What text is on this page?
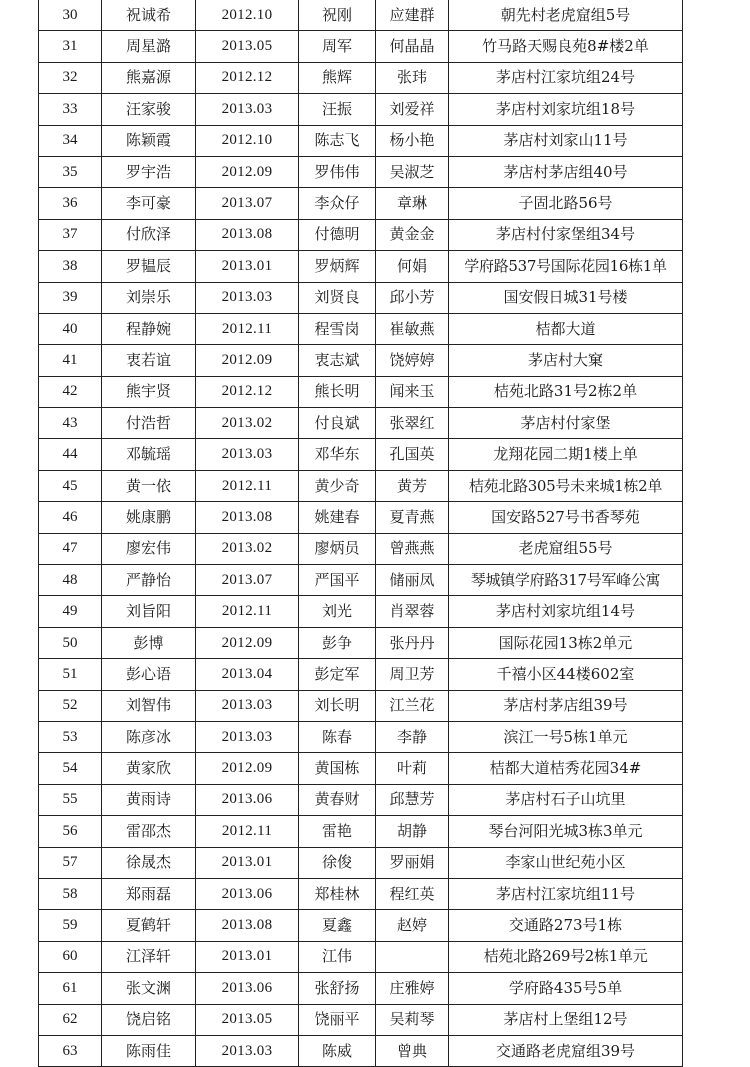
30	祝诚希	2012.10	祝刚	应建群	朝先村老虎窟组5号
31	周星潞	2013.05	周军	何晶晶	竹马路天赐良苑8#楼2单
32	熊嘉源	2012.12	熊辉	张玮	茅店村江家坑组24号
33	汪家骏	2013.03	汪振	刘爱祥	茅店村刘家坑组18号
34	陈颖霞	2012.10	陈志飞	杨小艳	茅店村刘家山11号
35	罗宇浩	2012.09	罗伟伟	吴淑芝	茅店村茅店组40号
36	李可豪	2013.07	李众仔	章琳	子固北路56号
37	付欣泽	2013.08	付德明	黄金金	茅店村付家堡组34号
38	罗韫辰	2013.01	罗炳辉	何娟	学府路537号国际花园16栋1单
39	刘崇乐	2013.03	刘贤良	邱小芳	国安假日城31号楼
40	程静婉	2012.11	程雪岗	崔敏燕	桔都大道
41	衷若谊	2012.09	衷志斌	饶婷婷	茅店村大窠
42	熊宇贤	2012.12	熊长明	闻来玉	桔苑北路31号2栋2单
43	付浩哲	2013.02	付良斌	张翠红	茅店村付家堡
44	邓毓瑶	2013.03	邓华东	孔国英	龙翔花园二期1楼上单
45	黄一依	2012.11	黄少奇	黄芳	桔苑北路305号未来城1栋2单
46	姚康鹏	2013.08	姚建春	夏青燕	国安路527号书香琴苑
47	廖宏伟	2013.02	廖炳员	曾燕燕	老虎窟组55号
48	严静怡	2013.07	严国平	储丽凤	琴城镇学府路317号军峰公寓
49	刘旨阳	2012.11	刘光	肖翠蓉	茅店村刘家坑组14号
50	彭博	2012.09	彭争	张丹丹	国际花园13栋2单元
51	彭心语	2013.04	彭定军	周卫芳	千禧小区44楼602室
52	刘智伟	2013.03	刘长明	江兰花	茅店村茅店组39号
53	陈彦冰	2013.03	陈春	李静	滨江一号5栋1单元
54	黄家欣	2012.09	黄国栋	叶莉	桔都大道桔秀花园34#
55	黄雨诗	2013.06	黄春财	邱慧芳	茅店村石子山坑里
56	雷邵杰	2012.11	雷艳	胡静	琴台河阳光城3栋3单元
57	徐晟杰	2013.01	徐俊	罗丽娟	李家山世纪苑小区
58	郑雨磊	2013.06	郑桂林	程红英	茅店村江家坑组11号
59	夏鹤轩	2013.08	夏鑫	赵婷	交通路273号1栋
60	江泽轩	2013.01	江伟		桔苑北路269号2栋1单元
61	张文渊	2013.06	张舒扬	庄雅婷	学府路435号5单
62	饶启铭	2013.05	饶丽平	吴莉琴	茅店村上堡组12号
63	陈雨佳	2013.03	陈威	曾典	交通路老虎窟组39号
